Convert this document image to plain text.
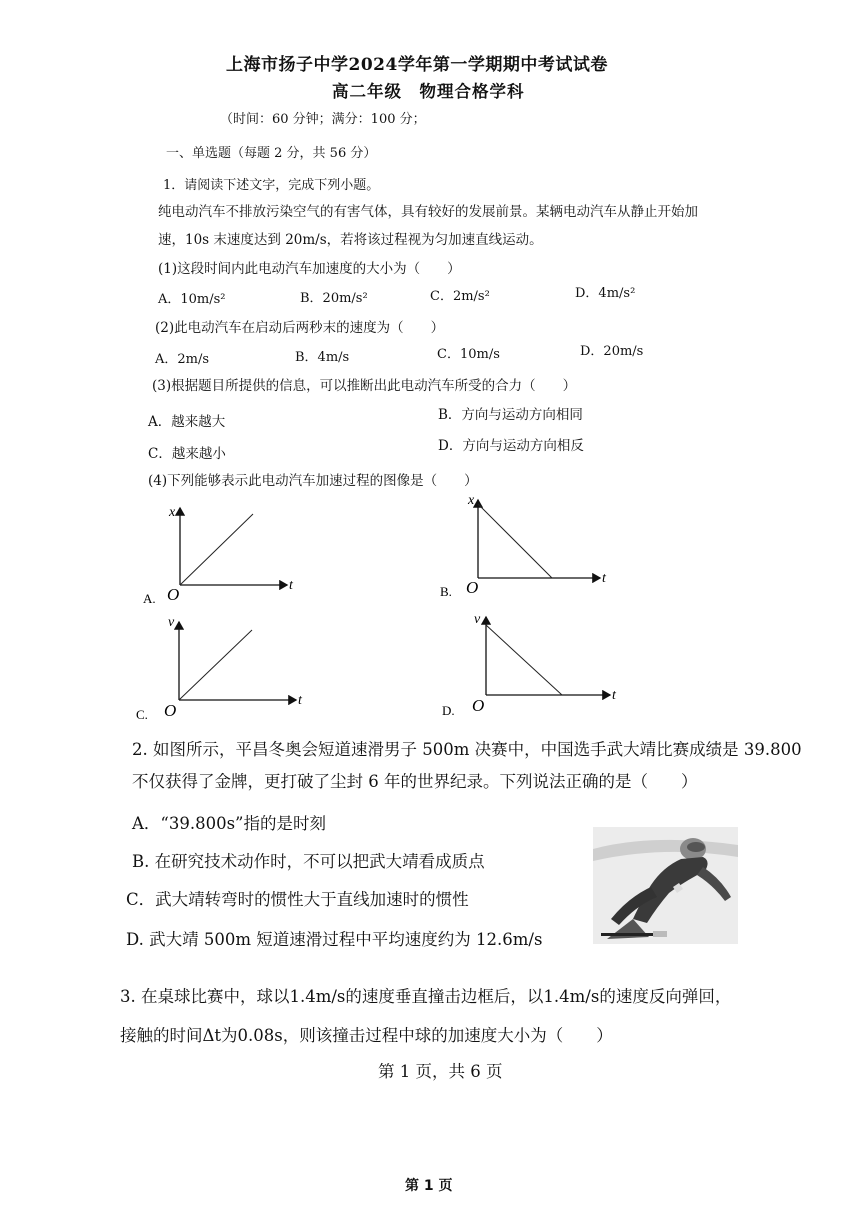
上海市扬子中学2024学年第一学期期中考试试卷
高二年级　物理合格学科
（时间：60 分钟；满分：100 分；
一、单选题（每题 2 分，共 56 分）
1．请阅读下述文字，完成下列小题。
纯电动汽车不排放污染空气的有害气体，具有较好的发展前景。某辆电动汽车从静止开始加
速，10s 末速度达到 20m/s，若将该过程视为匀加速直线运动。
(1)这段时间内此电动汽车加速度的大小为（　　）
A．10m/s²	B．20m/s²	C．2m/s²	D．4m/s²
(2)此电动汽车在启动后两秒末的速度为（　　）
A．2m/s	B．4m/s	C．10m/s	D．20m/s
(3)根据题目所提供的信息，可以推断出此电动汽车所受的合力（　　）
A．越来越大	B．方向与运动方向相同
C．越来越小	D．方向与运动方向相反
(4)下列能够表示此电动汽车加速过程的图像是（　　）
x
t
O
A.
x
t
O
B.
v
t
O
C.
v
t
O
D.
2. 如图所示，平昌冬奥会短道速滑男子 500m 决赛中，中国选手武大靖比赛成绩是 39.800
不仅获得了金牌，更打破了尘封 6 年的世界纪录。下列说法正确的是（　　）
A．“39.800s”指的是时刻
B. 在研究技术动作时，不可以把武大靖看成质点
C．武大靖转弯时的惯性大于直线加速时的惯性
D. 武大靖 500m 短道速滑过程中平均速度约为 12.6m/s
3. 在桌球比赛中，球以1.4m/s的速度垂直撞击边框后，以1.4m/s的速度反向弹回，
接触的时间Δt为0.08s，则该撞击过程中球的加速度大小为（　　）
第 1 页，共 6 页
第 1 页
